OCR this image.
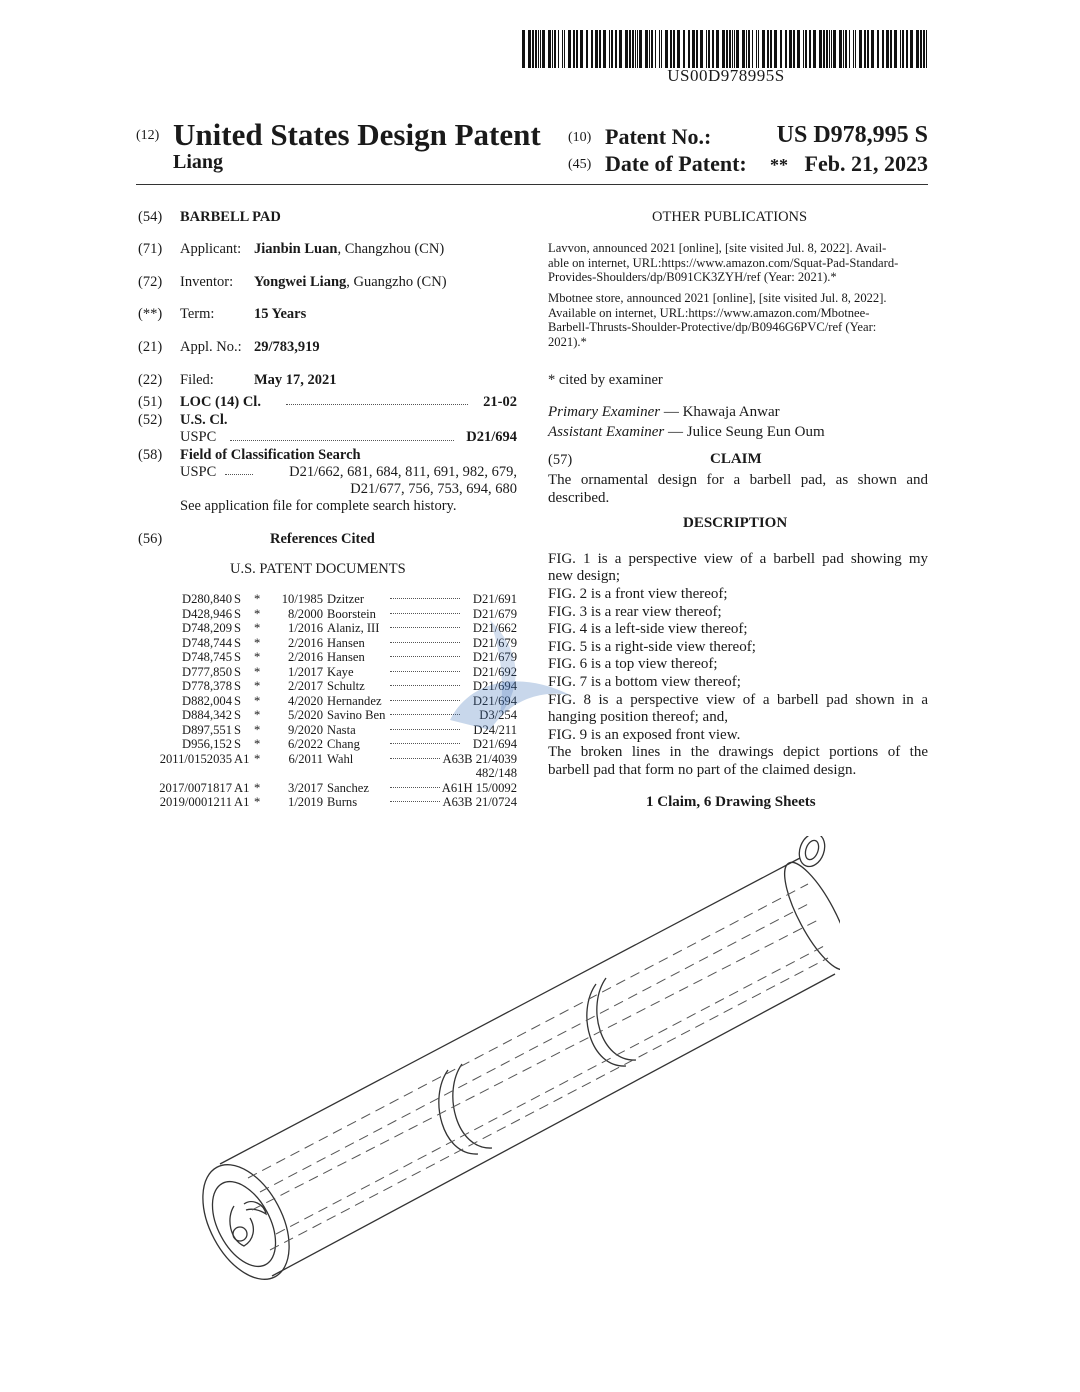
US00D978995S
(12) United States Design Patent
Liang
(10) Patent No.:	US D978,995 S
(45) Date of Patent: ** Feb. 21, 2023
(54) BARBELL PAD
(71) Applicant: Jianbin Luan, Changzhou (CN)
(72) Inventor: Yongwei Liang, Guangzho (CN)
(**) Term:	15 Years
(21) Appl. No.: 29/783,919
(22) Filed:	May 17, 2021
(51) LOC (14) Cl.	21-02
(52) U.S. Cl.
USPC	D21/694
(58) Field of Classification Search
USPC	D21/662, 681, 684, 811, 691, 982, 679,
D21/677, 756, 753, 694, 680
See application file for complete search history.
(56)	References Cited
U.S. PATENT DOCUMENTS
D280,840 S * 10/1985 Dzitzer	D21/691
D428,946 S * 8/2000 Boorstein	D21/679
D748,209 S * 1/2016 Alaniz, III	D21/662
D748,744 S * 2/2016 Hansen	D21/679
D748,745 S * 2/2016 Hansen	D21/679
D777,850 S * 1/2017 Kaye	D21/692
D778,378 S * 2/2017 Schultz	D21/694
D882,004 S * 4/2020 Hernandez	D21/694
D884,342 S * 5/2020 Savino Ben	D3/254
D897,551 S * 9/2020 Nasta	D24/211
D956,152 S * 6/2022 Chang	D21/694
2011/0152035 A1 * 6/2011 Wahl	A63B 21/4039
482/148
2017/0071817 A1 * 3/2017 Sanchez	A61H 15/0092
2019/0001211 A1 * 1/2019 Burns	A63B 21/0724
OTHER PUBLICATIONS
Lavvon, announced 2021 [online], [site visited Jul. 8, 2022]. Avail-
able on internet, URL:https://www.amazon.com/Squat-Pad-Standard-
Provides-Shoulders/dp/B091CK3ZYH/ref (Year: 2021).*
Mbotnee store, announced 2021 [online], [site visited Jul. 8, 2022].
Available on internet, URL:https://www.amazon.com/Mbotnee-
Barbell-Thrusts-Shoulder-Protective/dp/B0946G6PVC/ref (Year:
2021).*
* cited by examiner
Primary Examiner — Khawaja Anwar
Assistant Examiner — Julice Seung Eun Oum
(57)	CLAIM
The ornamental design for a barbell pad, as shown and
described.
DESCRIPTION
FIG. 1 is a perspective view of a barbell pad showing my
new design;
FIG. 2 is a front view thereof;
FIG. 3 is a rear view thereof;
FIG. 4 is a left-side view thereof;
FIG. 5 is a right-side view thereof;
FIG. 6 is a top view thereof;
FIG. 7 is a bottom view thereof;
FIG. 8 is a perspective view of a barbell pad shown in a
hanging position thereof; and,
FIG. 9 is an exposed front view.
The broken lines in the drawings depict portions of the
barbell pad that form no part of the claimed design.
1 Claim, 6 Drawing Sheets
